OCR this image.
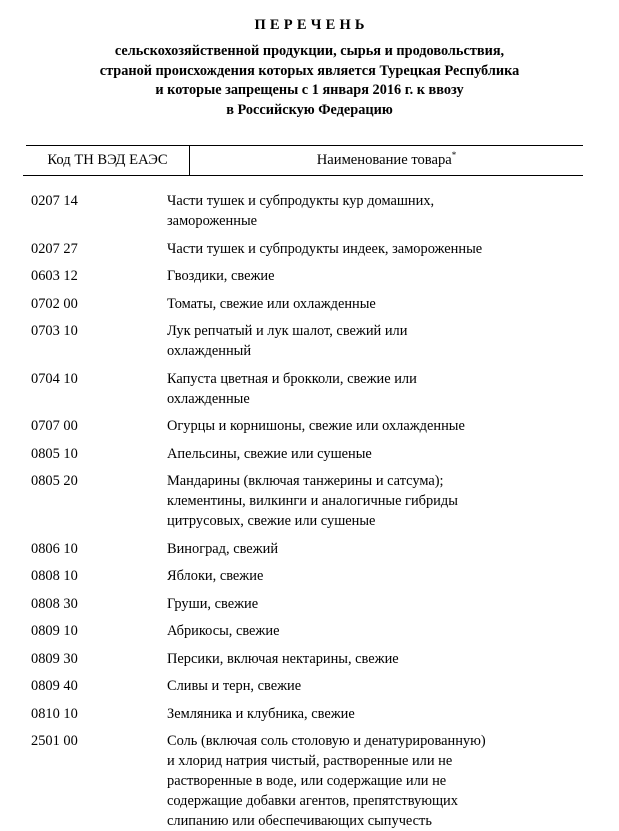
ПЕРЕЧЕНЬ
сельскохозяйственной продукции, сырья и продовольствия,
страной происхождения которых является Турецкая Республика
и которые запрещены с 1 января 2016 г. к ввозу
в Российскую Федерацию
Код ТН ВЭД ЕАЭС	Наименование товара*
0207 14	Части тушек и субпродукты кур домашних,
замороженные
0207 27	Части тушек и субпродукты индеек, замороженные
0603 12	Гвоздики, свежие
0702 00	Томаты, свежие или охлажденные
0703 10	Лук репчатый и лук шалот, свежий или
охлажденный
0704 10	Капуста цветная и брокколи, свежие или
охлажденные
0707 00	Огурцы и корнишоны, свежие или охлажденные
0805 10	Апельсины, свежие или сушеные
0805 20	Мандарины (включая танжерины и сатсума);
клементины, вилкинги и аналогичные гибриды
цитрусовых, свежие или сушеные
0806 10	Виноград, свежий
0808 10	Яблоки, свежие
0808 30	Груши, свежие
0809 10	Абрикосы, свежие
0809 30	Персики, включая нектарины, свежие
0809 40	Сливы и терн, свежие
0810 10	Земляника и клубника, свежие
2501 00	Соль (включая соль столовую и денатурированную)
и хлорид натрия чистый, растворенные или не
растворенные в воде, или содержащие или не
содержащие добавки агентов, препятствующих
слипанию или обеспечивающих сыпучесть
